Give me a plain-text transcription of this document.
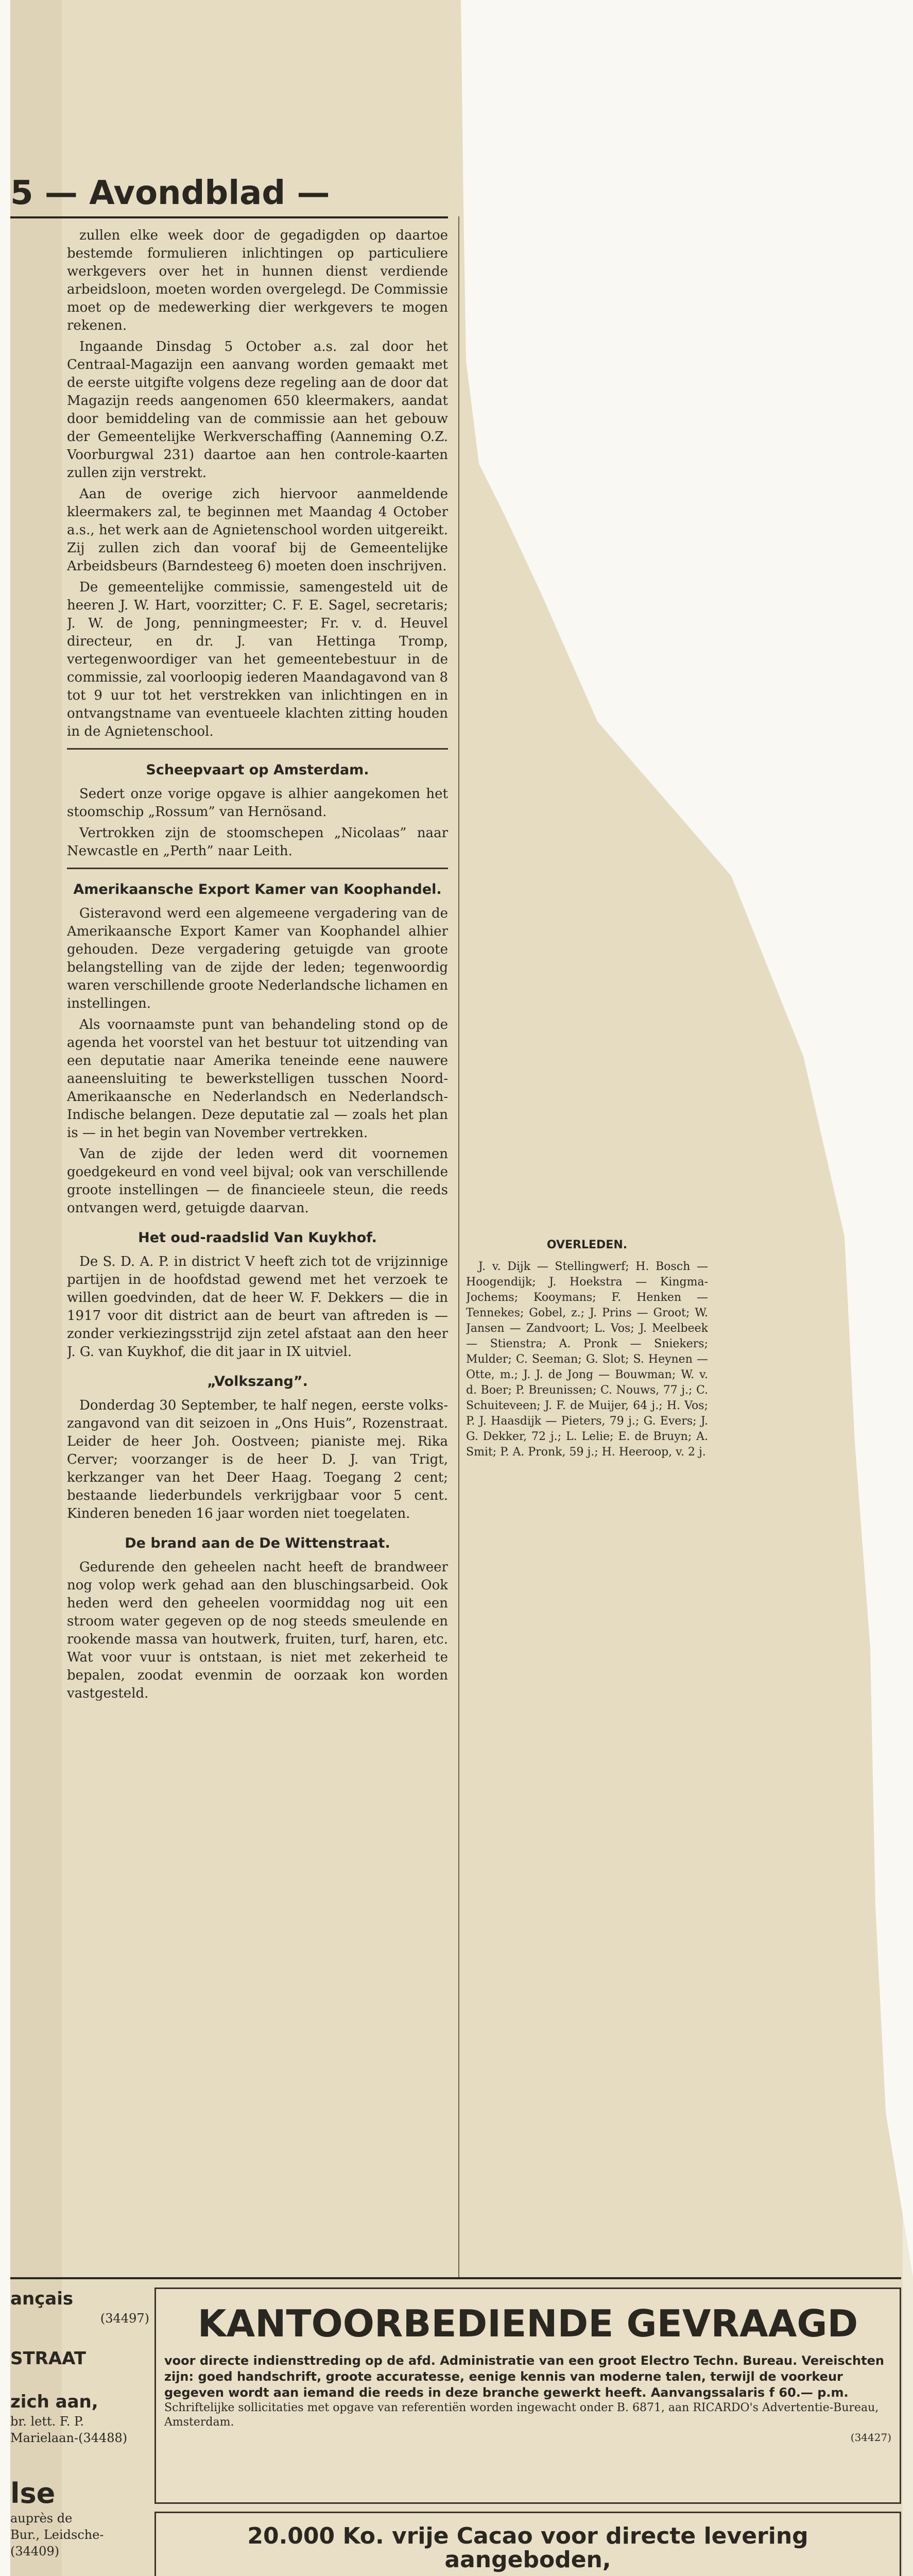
5 — Avondblad —

zullen elke week door de gegadigden op daartoe bestemde formulieren inlichtingen op particuliere werkgevers over het in hunnen dienst verdiende arbeidsloon, moeten worden overgelegd. De Commissie moet op de medewerking dier werkgevers te mogen rekenen.

Ingaande Dinsdag 5 October a.s. zal door het Centraal-Magazijn een aanvang worden gemaakt met de eerste uitgifte volgens deze regeling aan de door dat Magazijn reeds aangenomen 650 kleermakers, aandat door bemiddeling van de commissie aan het gebouw der Gemeentelijke Werkverschaffing (Aanneming O.Z. Voorburgwal 231) daartoe aan hen controle-kaarten zullen zijn verstrekt.

Aan de overige zich hiervoor aanmeldende kleermakers zal, te beginnen met Maandag 4 October a.s., het werk aan de Agnietenschool worden uitgereikt. Zij zullen zich dan vooraf bij de Gemeentelijke Arbeidsbeurs (Barndesteeg 6) moeten doen inschrijven.

De gemeentelijke commissie, samengesteld uit de heeren J. W. Hart, voorzitter; C. F. E. Sagel, secretaris; J. W. de Jong, penningmeester; Fr. v. d. Heuvel directeur, en dr. J. van Hettinga Tromp, vertegenwoordiger van het gemeentebestuur in de commissie, zal voorloopig iederen Maandagavond van 8 tot 9 uur tot het verstrekken van inlichtingen en in ontvangstname van eventueele klachten zitting houden in de Agnietenschool.

Scheepvaart op Amsterdam.

Sedert onze vorige opgave is alhier aangekomen het stoomschip „Rossum” van Hernösand.

Vertrokken zijn de stoomschepen „Nicolaas” naar Newcastle en „Perth” naar Leith.

Amerikaansche Export Kamer van Koophandel.

Gisteravond werd een algemeene vergadering van de Amerikaansche Export Kamer van Koophandel alhier gehouden. Deze vergadering getuigde van groote belangstelling van de zijde der leden; tegenwoordig waren verschillende groote Nederlandsche lichamen en instellingen.

Als voornaamste punt van behandeling stond op de agenda het voorstel van het bestuur tot uitzending van een deputatie naar Amerika teneinde eene nauwere aaneensluiting te bewerkstelligen tusschen Noord-Amerikaansche en Nederlandsch en Nederlandsch-Indische belangen. Deze deputatie zal — zoals het plan is — in het begin van November vertrekken.

Van de zijde der leden werd dit voornemen goedgekeurd en vond veel bijval; ook van verschillende groote instellingen — de financieele steun, die reeds ontvangen werd, getuigde daarvan.

Het oud-raadslid Van Kuykhof.

De S. D. A. P. in district V heeft zich tot de vrijzinnige partijen in de hoofdstad gewend met het verzoek te willen goedvinden, dat de heer W. F. Dekkers — die in 1917 voor dit district aan de beurt van aftreden is — zonder verkiezingsstrijd zijn zetel afstaat aan den heer J. G. van Kuykhof, die dit jaar in IX uitviel.

„Volkszang”.

Donderdag 30 September, te half negen, eerste volks-zangavond van dit seizoen in „Ons Huis”, Rozenstraat. Leider de heer Joh. Oostveen; pianiste mej. Rika Cerver; voorzanger is de heer D. J. van Trigt, kerkzanger van het Deer Haag. Toegang 2 cent; bestaande liederbundels verkrijgbaar voor 5 cent. Kinderen beneden 16 jaar worden niet toegelaten.

De brand aan de De Wittenstraat.

Gedurende den geheelen nacht heeft de brandweer nog volop werk gehad aan den bluschingsarbeid. Ook heden werd den geheelen voormiddag nog uit een stroom water gegeven op de nog steeds smeulende en rookende massa van houtwerk, fruiten, turf, haren, etc. Wat voor vuur is ontstaan, is niet met zekerheid te bepalen, zoodat evenmin de oorzaak kon worden vastgesteld.

OVERLEDEN.

J. v. Dijk — Stellingwerf; H. Bosch — Hoogendijk; J. Hoekstra — Kingma-Jochems; Kooymans; F. Henken — Tennekes; Gobel, z.; J. Prins — Groot; W. Jansen — Zandvoort; L. Vos; J. Meelbeek — Stienstra; A. Pronk — Sniekers; Mulder; C. Seeman; G. Slot; S. Heynen — Otte, m.; J. J. de Jong — Bouwman; W. v. d. Boer; P. Breunissen; C. Nouws, 77 j.; C. Schuiteveen; J. F. de Muijer, 64 j.; H. Vos; P. J. Haasdijk — Pieters, 79 j.; G. Evers; J. G. Dekker, 72 j.; L. Lelie; E. de Bruyn; A. Smit; P. A. Pronk, 59 j.; H. Heeroop, v. 2 j.

ançais
(34497)
STRAAT
zich aan,
br. lett. F. P. Marielaan-(34488)
lse
auprès de
Bur., Leidsche-(34409)
KANTOORBEDIENDE GEVRAAGD
voor directe indiensttreding op de afd. Administratie van een groot Electro Techn. Bureau. Vereischten zijn: goed handschrift, groote accuratesse, eenige kennis van moderne talen, terwijl de voorkeur gegeven wordt aan iemand die reeds in deze branche gewerkt heeft. Aanvangssalaris f 60.— p.m.
Schriftelijke sollicitaties met opgave van referentiën worden ingewacht onder B. 6871, aan RICARDO's Advertentie-Bureau, Amsterdam.
(34427)
20.000 Ko. vrije Cacao voor directe levering aangeboden,
